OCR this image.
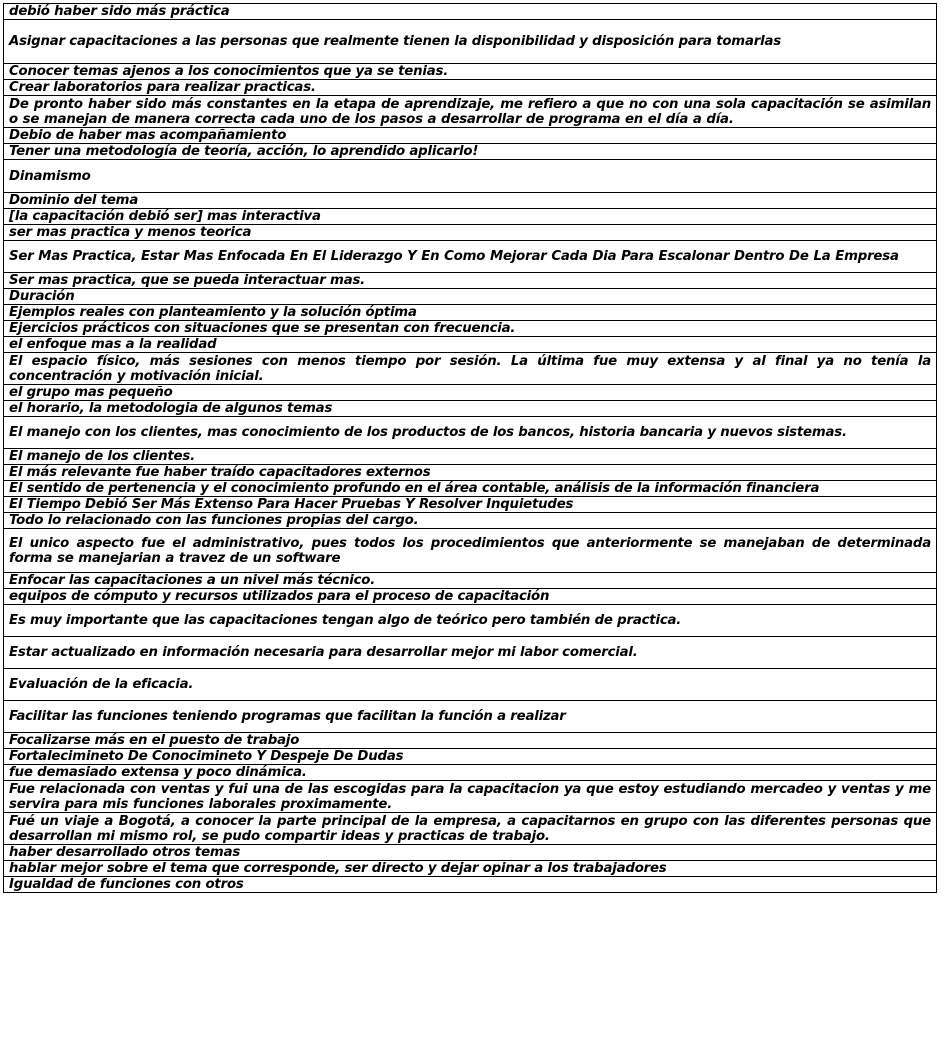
debió haber sido más práctica
Asignar capacitaciones a las personas que realmente tienen la disponibilidad y disposición para tomarlas
Conocer temas ajenos a los conocimientos que ya se tenias.
Crear laboratorios para realizar practicas.
De pronto haber sido más constantes en la etapa de aprendizaje, me refiero a que no con una sola capacitación se asimilan o se manejan de manera correcta cada uno de los pasos a desarrollar de programa en el día a día.
Debio de haber mas acompañamiento
Tener una metodología de teoría, acción, lo aprendido aplicarlo!
Dinamismo
Dominio del tema
[la capacitación debió ser] mas interactiva
ser mas practica y menos teorica
Ser Mas Practica, Estar Mas Enfocada En El Liderazgo Y En Como Mejorar Cada Dia Para Escalonar Dentro De La Empresa
Ser mas practica, que se pueda interactuar mas.
Duración
Ejemplos reales con planteamiento y la solución óptima
Ejercicios prácticos con situaciones que se presentan con frecuencia.
el enfoque mas a la realidad
El espacio físico, más sesiones con menos tiempo por sesión. La última fue muy extensa y al final ya no tenía la concentración y motivación inicial.
el grupo mas pequeño
el horario, la metodologia de algunos temas
El manejo con los clientes, mas conocimiento de los productos de los bancos, historia bancaria y nuevos sistemas.
El manejo de los clientes.
El más relevante fue haber traído capacitadores externos
El sentido de pertenencia y el conocimiento profundo en el área contable, análisis de la información financiera
El Tiempo Debió Ser Más Extenso Para Hacer Pruebas Y Resolver Inquietudes
Todo lo relacionado con las funciones propias del cargo.
El unico aspecto fue el administrativo, pues todos los procedimientos que anteriormente se manejaban de determinada forma se manejarian a travez de un software
Enfocar las capacitaciones a un nivel más técnico.
equipos de cómputo y recursos utilizados para el proceso de capacitación
Es muy importante que las capacitaciones tengan algo de teórico pero también de practica.
Estar actualizado en información necesaria para desarrollar mejor mi labor comercial.
Evaluación de la eficacia.
Facilitar las funciones teniendo programas que facilitan la función a realizar
Focalizarse más en el puesto de trabajo
Fortalecimineto De Conocimineto Y Despeje De Dudas
fue demasiado extensa y poco dinámica.
Fue relacionada con ventas y fui una de las escogidas para la capacitacion ya que estoy estudiando mercadeo y ventas y me servira para mis funciones laborales proximamente.
Fué un viaje a Bogotá, a conocer la parte principal de la empresa, a capacitarnos en grupo con las diferentes personas que desarrollan mi mismo rol, se pudo compartir ideas y practicas de trabajo.
haber desarrollado otros temas
hablar mejor sobre el tema que corresponde, ser directo y dejar opinar a los trabajadores
Igualdad de funciones con otros
